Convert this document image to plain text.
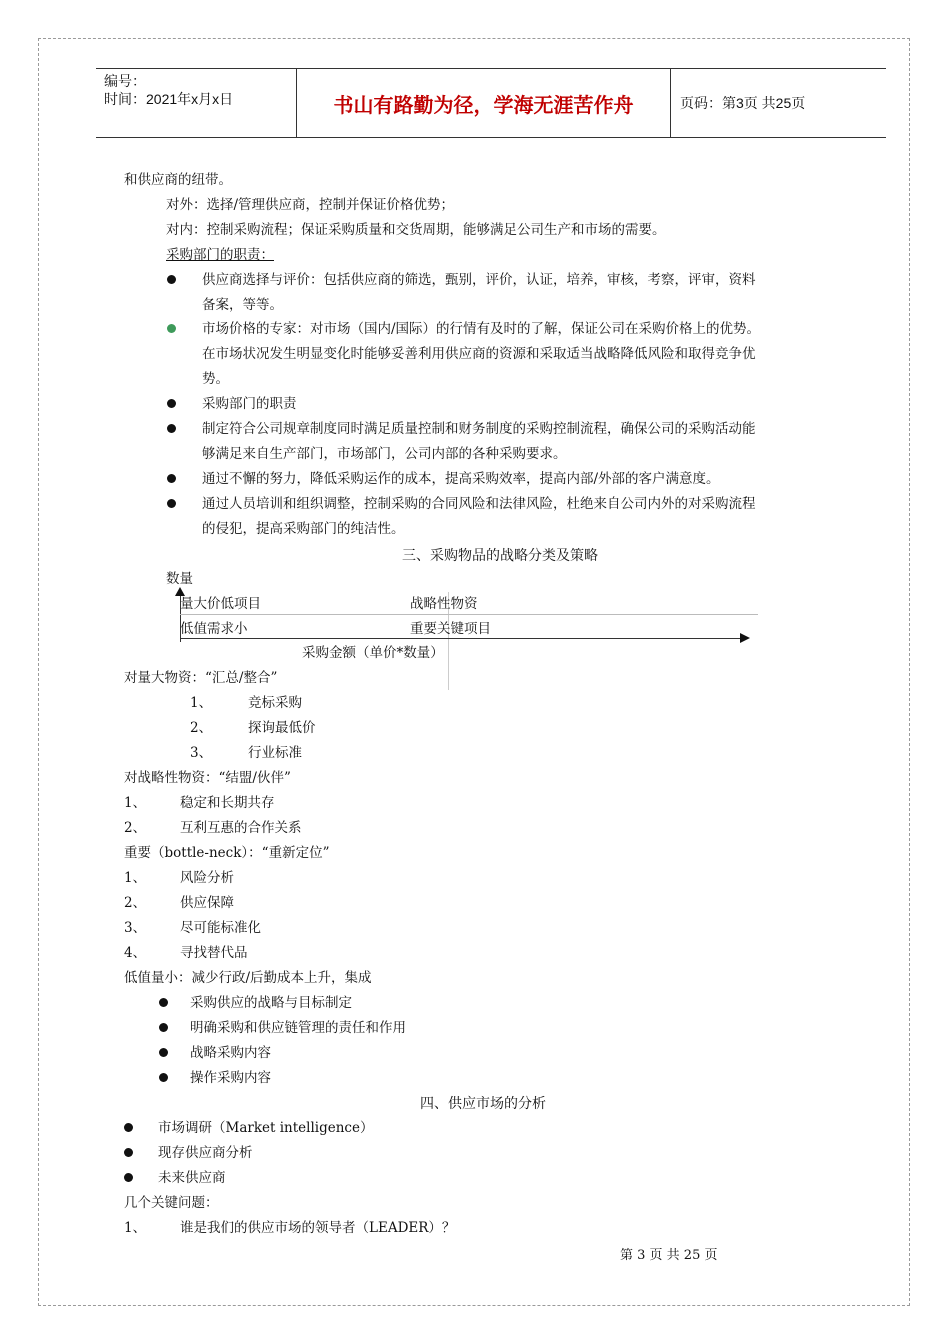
编号：
时间：2021年x月x日	书山有路勤为径，学海无涯苦作舟	页码：第3页 共25页
和供应商的纽带。
对外：选择/管理供应商，控制并保证价格优势；
对内：控制采购流程；保证采购质量和交货周期，能够满足公司生产和市场的需要。
采购部门的职责：
供应商选择与评价：包括供应商的筛选，甄别，评价，认证，培养，审核，考察，评审，资料
备案，等等。
市场价格的专家：对市场（国内/国际）的行情有及时的了解，保证公司在采购价格上的优势。
在市场状况发生明显变化时能够妥善利用供应商的资源和采取适当战略降低风险和取得竞争优
势。
采购部门的职责
制定符合公司规章制度同时满足质量控制和财务制度的采购控制流程，确保公司的采购活动能
够满足来自生产部门，市场部门，公司内部的各种采购要求。
通过不懈的努力，降低采购运作的成本，提高采购效率，提高内部/外部的客户满意度。
通过人员培训和组织调整，控制采购的合同风险和法律风险，杜绝来自公司内外的对采购流程
的侵犯，提高采购部门的纯洁性。
三、采购物品的战略分类及策略
数量
量大价低项目	战略性物资
低值需求小	重要关键项目
采购金额（单价*数量）
对量大物资：“汇总/整合”
1、	竞标采购
2、	探询最低价
3、	行业标准
对战略性物资：“结盟/伙伴”
1、	稳定和长期共存
2、	互利互惠的合作关系
重要（bottle-neck）：“重新定位”
1、	风险分析
2、	供应保障
3、	尽可能标准化
4、	寻找替代品
低值量小：减少行政/后勤成本上升，集成
采购供应的战略与目标制定
明确采购和供应链管理的责任和作用
战略采购内容
操作采购内容
四、供应市场的分析
市场调研（Market intelligence）
现存供应商分析
未来供应商
几个关键问题：
1、	谁是我们的供应市场的领导者（LEADER）？
第 3 页 共 25 页
